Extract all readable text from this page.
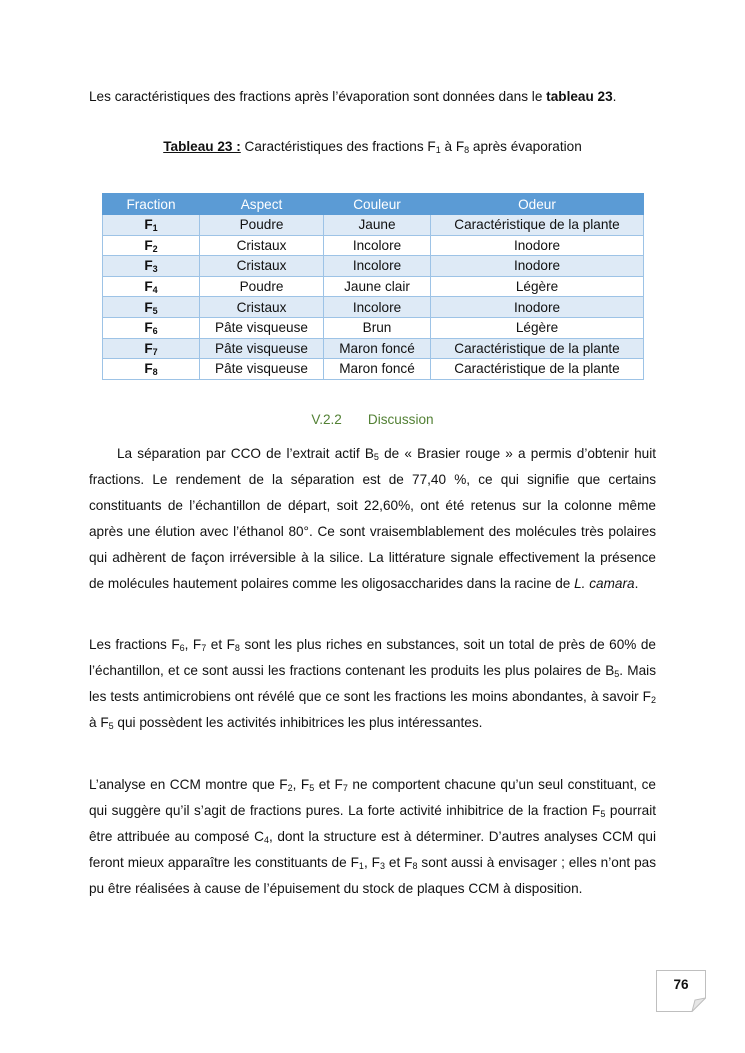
Les caractéristiques des fractions après l’évaporation sont données dans le tableau 23.

Tableau 23 : Caractéristiques des fractions $F_1$ à $F_8$ après évaporation

Fraction	Aspect	Couleur	Odeur
$F_1$	Poudre	Jaune	Caractéristique de la plante
$F_2$	Cristaux	Incolore	Inodore
$F_3$	Cristaux	Incolore	Inodore
$F_4$	Poudre	Jaune clair	Légère
$F_5$	Cristaux	Incolore	Inodore
$F_6$	Pâte visqueuse	Brun	Légère
$F_7$	Pâte visqueuse	Maron foncé	Caractéristique de la plante
$F_8$	Pâte visqueuse	Maron foncé	Caractéristique de la plante

V.2.2 Discussion

La séparation par CCO de l’extrait actif $B_5$ de « Brasier rouge » a permis d’obtenir huit fractions. Le rendement de la séparation est de 77,40 %, ce qui signifie que certains constituants de l’échantillon de départ, soit 22,60%, ont été retenus sur la colonne même après une élution avec l’éthanol 80°. Ce sont vraisemblablement des molécules très polaires qui adhèrent de façon irréversible à la silice. La littérature signale effectivement la présence de molécules hautement polaires comme les oligosaccharides dans la racine de L. camara.

Les fractions $F_6$, $F_7$ et $F_8$ sont les plus riches en substances, soit un total de près de 60% de l’échantillon, et ce sont aussi les fractions contenant les produits les plus polaires de $B_5$. Mais les tests antimicrobiens ont révélé que ce sont les fractions les moins abondantes, à savoir $F_2$ à $F_5$ qui possèdent les activités inhibitrices les plus intéressantes.

L’analyse en CCM montre que $F_2$, $F_5$ et $F_7$ ne comportent chacune qu’un seul constituant, ce qui suggère qu’il s’agit de fractions pures. La forte activité inhibitrice de la fraction $F_5$ pourrait être attribuée au composé $C_4$, dont la structure est à déterminer. D’autres analyses CCM qui feront mieux apparaître les constituants de $F_1$, $F_3$ et $F_8$ sont aussi à envisager ; elles n’ont pas pu être réalisées à cause de l’épuisement du stock de plaques CCM à disposition.

76
